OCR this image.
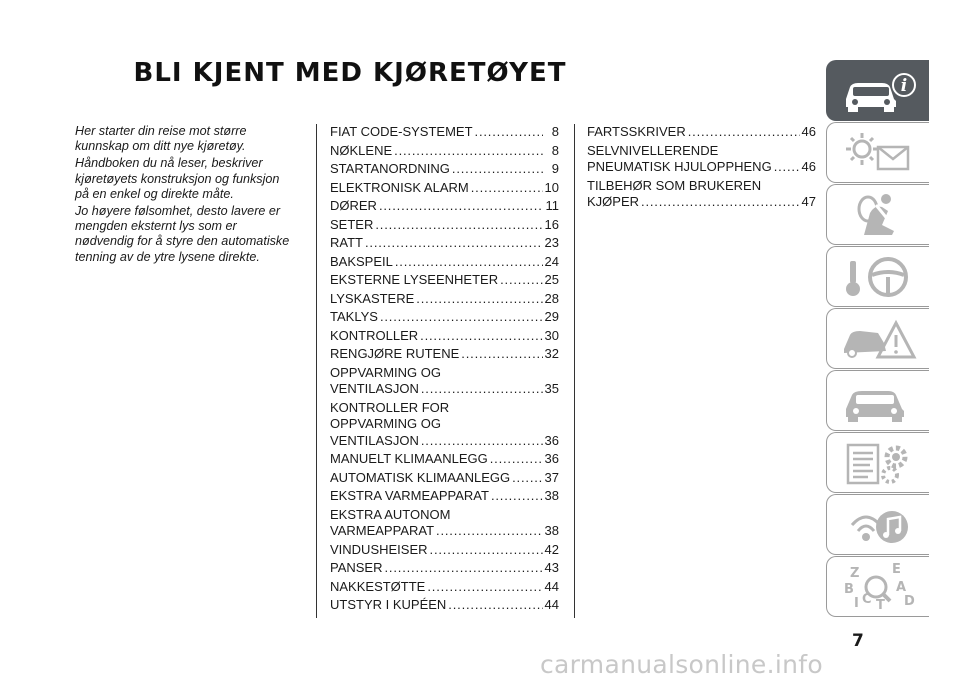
BLI KJENT MED KJØRETØYET

Her starter din reise mot større kunnskap om ditt nye kjøretøy.

Håndboken du nå leser, beskriver kjøretøyets konstruksjon og funksjon på en enkel og direkte måte.

Jo høyere følsomhet, desto lavere er mengden eksternt lys som er nødvendig for å styre den automatiske tenning av de ytre lysene direkte.

FIAT CODE-SYSTEMET . . .	8
NØKLENE . . .	8
STARTANORDNING . . .	9
ELEKTRONISK ALARM . . .	10
DØRER . . .	11
SETER . . .	16
RATT . . .	23
BAKSPEIL . . .	24
EKSTERNE LYSEENHETER . . .	25
LYSKASTERE . . .	28
TAKLYS . . .	29
KONTROLLER . . .	30
RENGJØRE RUTENE . . .	32
OPPVARMING OG
VENTILASJON . . .	35
KONTROLLER FOR
OPPVARMING OG
VENTILASJON . . .	36
MANUELT KLIMAANLEGG . . .	36
AUTOMATISK KLIMAANLEGG . . .	37
EKSTRA VARMEAPPARAT . . .	38
EKSTRA AUTONOM
VARMEAPPARAT . . .	38
VINDUSHEISER . . .	42
PANSER . . .	43
NAKKESTØTTE . . .	44
UTSTYR I KUPÉEN . . .	44
FARTSSKRIVER . . .	46
SELVNIVELLERENDE
PNEUMATISK HJULOPPHENG . . . 46
TILBEHØR SOM BRUKEREN
KJØPER . . .	47
i
Z	E
B	A
I C T D
7
carmanualsonline.info
